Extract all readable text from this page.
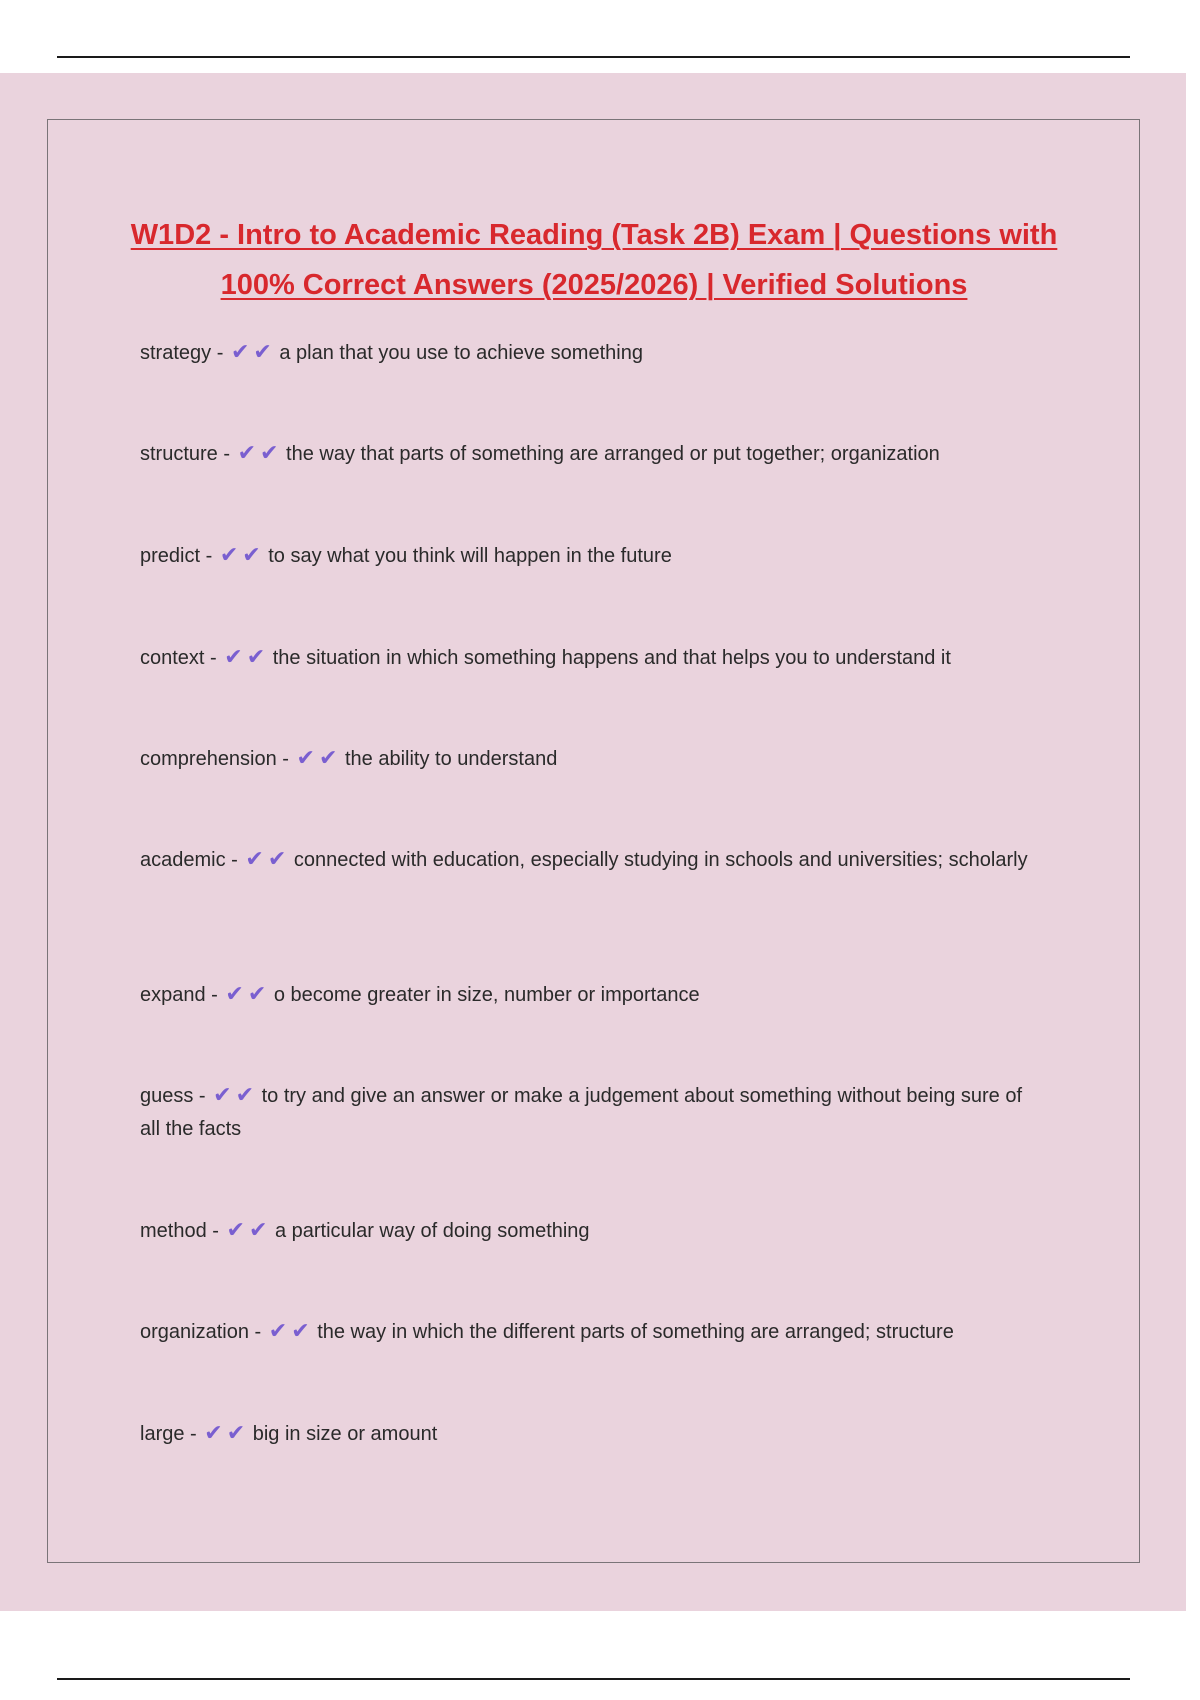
W1D2 - Intro to Academic Reading (Task 2B) Exam | Questions with 100% Correct Answers (2025/2026) | Verified Solutions
strategy - ✔ ✔ a plan that you use to achieve something
structure - ✔ ✔ the way that parts of something are arranged or put together; organization
predict - ✔ ✔ to say what you think will happen in the future
context - ✔ ✔ the situation in which something happens and that helps you to understand it
comprehension - ✔ ✔ the ability to understand
academic - ✔ ✔ connected with education, especially studying in schools and universities; scholarly
expand - ✔ ✔ o become greater in size, number or importance
guess - ✔ ✔ to try and give an answer or make a judgement about something without being sure of all the facts
method - ✔ ✔ a particular way of doing something
organization - ✔ ✔ the way in which the different parts of something are arranged; structure
large - ✔ ✔ big in size or amount
